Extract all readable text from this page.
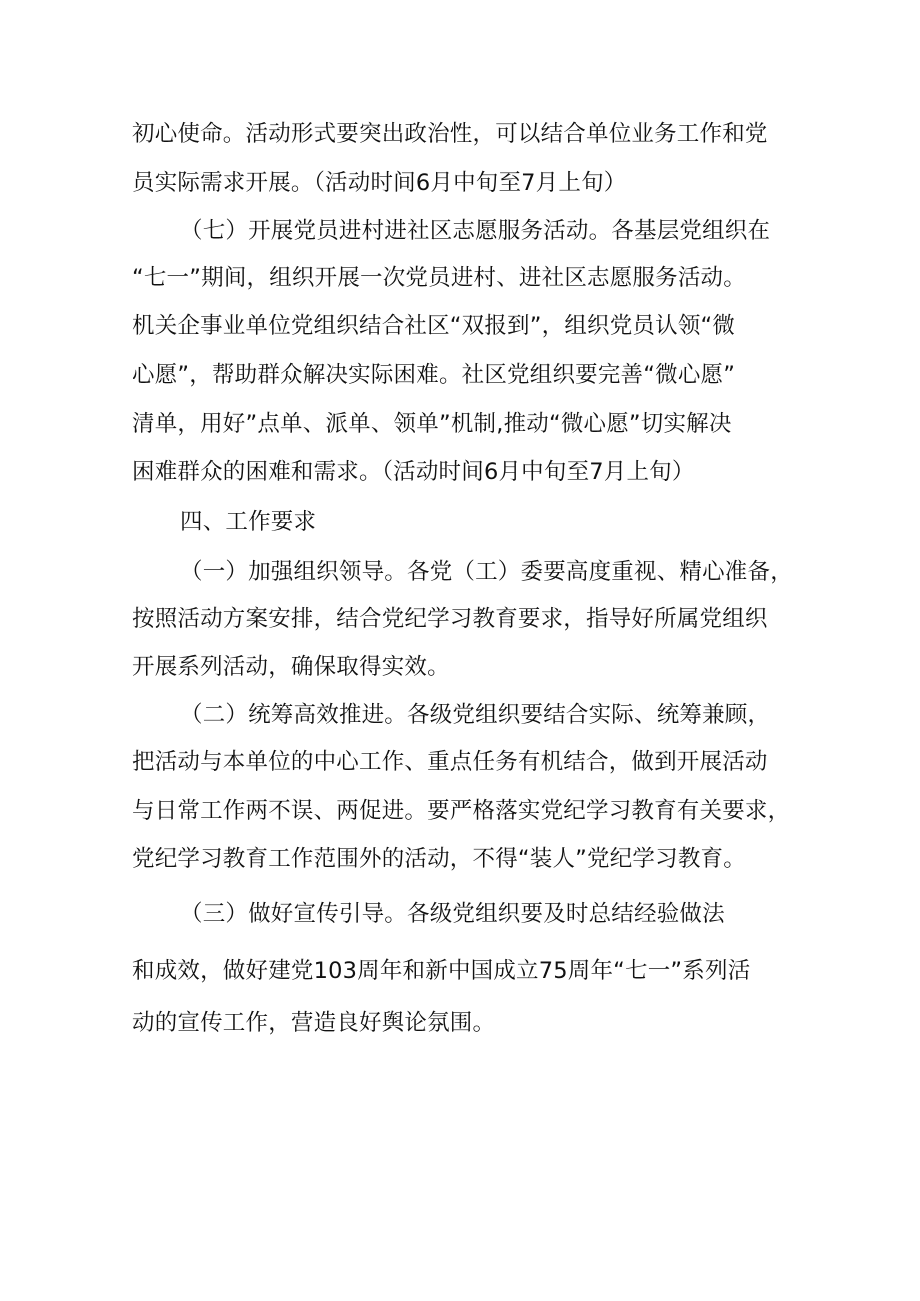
初心使命。活动形式要突出政治性，可以结合单位业务工作和党
员实际需求开展。（活动时间6月中旬至7月上旬）
（七）开展党员进村进社区志愿服务活动。各基层党组织在
“七一”期间，组织开展一次党员进村、进社区志愿服务活动。
机关企事业单位党组织结合社区“双报到”，组织党员认领“微
心愿”，帮助群众解决实际困难。社区党组织要完善“微心愿”
清单，用好”点单、派单、领单”机制,推动“微心愿”切实解决
困难群众的困难和需求。（活动时间6月中旬至7月上旬）
四、工作要求
（一）加强组织领导。各党（工）委要高度重视、精心准备，
按照活动方案安排，结合党纪学习教育要求，指导好所属党组织
开展系列活动，确保取得实效。
（二）统筹高效推进。各级党组织要结合实际、统筹兼顾，
把活动与本单位的中心工作、重点任务有机结合，做到开展活动
与日常工作两不误、两促进。要严格落实党纪学习教育有关要求，
党纪学习教育工作范围外的活动，不得“装人”党纪学习教育。
（三）做好宣传引导。各级党组织要及时总结经验做法
和成效，做好建党103周年和新中国成立75周年“七一”系列活
动的宣传工作，营造良好舆论氛围。
